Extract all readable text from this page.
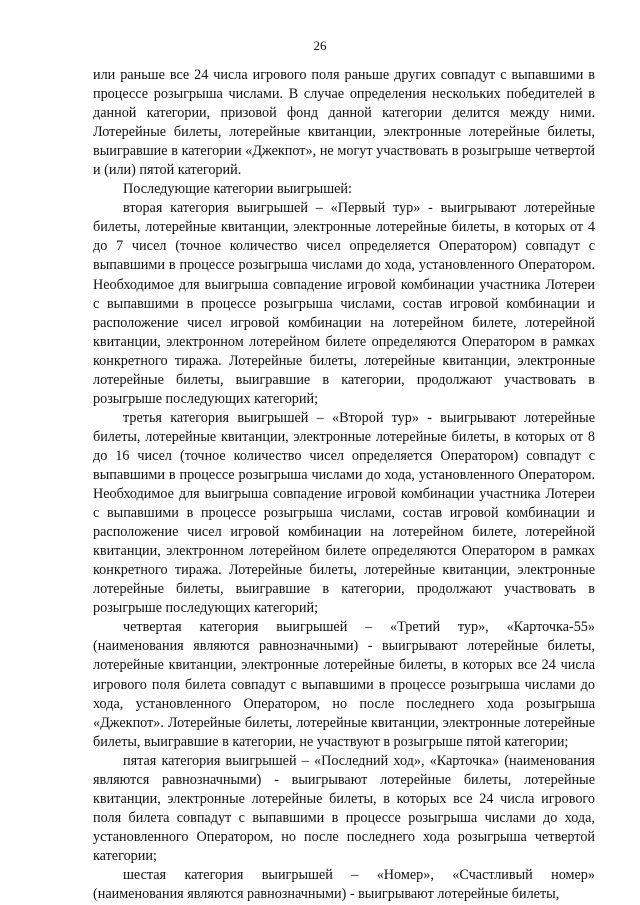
26

или раньше все 24 числа игрового поля раньше других совпадут с выпавшими в процессе розыгрыша числами. В случае определения нескольких победителей в данной категории, призовой фонд данной категории делится между ними. Лотерейные билеты, лотерейные квитанции, электронные лотерейные билеты, выигравшие в категории «Джекпот», не могут участвовать в розыгрыше четвертой и (или) пятой категорий.

Последующие категории выигрышей:

вторая категория выигрышей – «Первый тур» - выигрывают лотерейные билеты, лотерейные квитанции, электронные лотерейные билеты, в которых от 4 до 7 чисел (точное количество чисел определяется Оператором) совпадут с выпавшими в процессе розыгрыша числами до хода, установленного Оператором. Необходимое для выигрыша совпадение игровой комбинации участника Лотереи с выпавшими в процессе розыгрыша числами, состав игровой комбинации и расположение чисел игровой комбинации на лотерейном билете, лотерейной квитанции, электронном лотерейном билете определяются Оператором в рамках конкретного тиража. Лотерейные билеты, лотерейные квитанции, электронные лотерейные билеты, выигравшие в категории, продолжают участвовать в розыгрыше последующих категорий;

третья категория выигрышей – «Второй тур» - выигрывают лотерейные билеты, лотерейные квитанции, электронные лотерейные билеты, в которых от 8 до 16 чисел (точное количество чисел определяется Оператором) совпадут с выпавшими в процессе розыгрыша числами до хода, установленного Оператором. Необходимое для выигрыша совпадение игровой комбинации участника Лотереи с выпавшими в процессе розыгрыша числами, состав игровой комбинации и расположение чисел игровой комбинации на лотерейном билете, лотерейной квитанции, электронном лотерейном билете определяются Оператором в рамках конкретного тиража. Лотерейные билеты, лотерейные квитанции, электронные лотерейные билеты, выигравшие в категории, продолжают участвовать в розыгрыше последующих категорий;

четвертая категория выигрышей – «Третий тур», «Карточка-55» (наименования являются равнозначными) - выигрывают лотерейные билеты, лотерейные квитанции, электронные лотерейные билеты, в которых все 24 числа игрового поля билета совпадут с выпавшими в процессе розыгрыша числами до хода, установленного Оператором, но после последнего хода розыгрыша «Джекпот». Лотерейные билеты, лотерейные квитанции, электронные лотерейные билеты, выигравшие в категории, не участвуют в розыгрыше пятой категории;

пятая категория выигрышей – «Последний ход», «Карточка» (наименования являются равнозначными) - выигрывают лотерейные билеты, лотерейные квитанции, электронные лотерейные билеты, в которых все 24 числа игрового поля билета совпадут с выпавшими в процессе розыгрыша числами до хода, установленного Оператором, но после последнего хода розыгрыша четвертой категории;

шестая категория выигрышей – «Номер», «Счастливый номер» (наименования являются равнозначными) - выигрывают лотерейные билеты,
